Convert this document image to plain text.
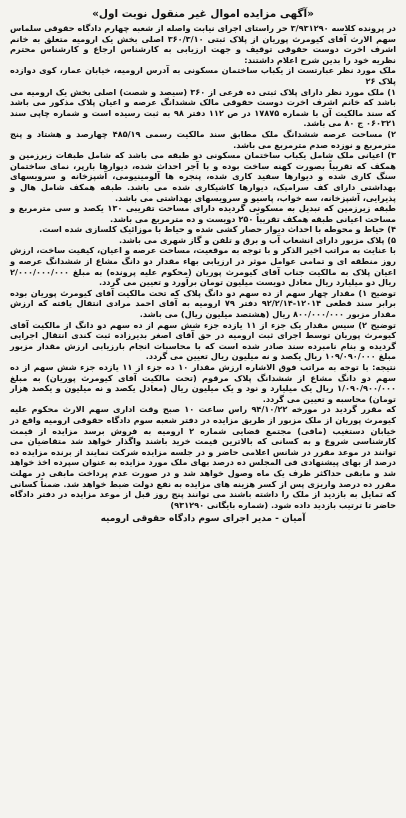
«آگهی مزایده اموال غیر منقول نوبت اول»

در پرونده کلاسه ۳/۹۳۱۲۹۰ حر راستای اجرای نیابت واصله از شعبه چهارم دادگاه حقوقی سلماس سهم الارث آقای کیومرث پوریان از پلاک ثبتی ۳۶۰/۳/۱۰ اصلی بخش یک ارومیه متعلق به خانم اشرف اخرت دوست حقوقی توقیف و جهت ارزیابی به کارشناس ارجاع و کارشناس محترم نظریه خود را بدین شرح اعلام داشتند:

ملک مورد نظر عبارتست از یکباب ساختمان مسکونی به آدرس ارومیه، خیابان عمار، کوی دوازده پلاک ۲۶

۱) ملک مورد نظر دارای پلاک ثبتی ده فرعی از ۳۶۰ (سیصد و شصت) اصلی بخش یک ارومیه می باشد که خانم اشرف اخرت دوست حقوقی مالک ششدانگ عرصه و اعیان پلاک مذکور می باشد که سند مالکیت آن با شماره ۱۷۸۷۵ در ص ۱۱۲ دفتر ۹۸ به ثبت رسیده است و شماره چاپی سند ۰۶۰۳۲۱ ج ۸۰ می باشد.

۲) مساحت عرصه ششدانگ ملک مطابق سند مالکیت رسمی ۴۸۵/۱۹ چهارصد و هشتاد و پنج مترمربع و نوزده صدم مترمربع می باشد.

۳) اعیانی ملک شامل یکباب ساختمان مسکونی دو طبقه می باشد که شامل طبقات زیرزمین و همکف که تقریباً بصورت کهنه ساخت بوده و با آجر احداث شده، دیوارها بارپر، نمای ساختمان سنگ کاری شده و دیوارها سفید کاری شده، پنجره ها آلومینیومی، آشپزخانه و سرویسهای بهداشتی دارای کف سرامیک، دیوارها کاشیکاری شده می باشد. طبقه همکف شامل هال و پذیرایی، آشپزخانه، سه خواب، پاسیو و سرویسهای بهداشتی می باشد.

طبقه زیرزمین که تبدیل به مسکونی گردیده دارای مساحت تقریبی ۱۳۰ یکصد و سی مترمربع و مساحت اعیانی طبقه همکف تقریباً ۲۵۰ دویست و ده مترمربع می باشد.

۴) حیاط و محوطه با احداث دیوار حصار کشی شده و حیاط با موزائیک کلسازی شده است.

۵) پلاک مزبور دارای انشعاب آب و برق و تلفن و گاز شهری می باشد.

با عنایت به مراتب اخیر الذکر و با توجه به موقعیت، مساحت عرصه و اعیان، کیفیت ساخت، ارزش روز منطقه ای و تمامی عوامل موثر در ارزیابی بهاء مقدار دو دانگ مشاع از ششدانگ عرصه و اعیان پلاک به مالکیت جناب آقای کیومرث پوریان (محکوم علیه پرونده) به مبلغ ۲/۰۰۰/۰۰۰/۰۰۰ ریال دو میلیارد ریال معادل دویست میلیون تومان برآورد و تعیین می گردد.

توضیح ۱) مقدار چهار سهم از ده سهم دو دانگ پلاک که تحت مالکیت آقای کیومرث پوریان بوده برابر سند قطعی ۱۲۰۱۴-۹۲/۲/۱۴ دفتر ۷۹ ارومیه به آقای احمد مرادی انتقال یافته که ارزش مقدار مزبور ۸۰۰/۰۰۰/۰۰۰ ریال (هشتصد میلیون ریال) می باشد.

توضیح ۲) سیس مقدار یک جزء از ۱۱ یازده جزء شش سهم از ده سهم دو دانگ از مالکیت آقای کیومرث پوریان توسط اجرای ثبت ارومیه در حق آقای اصغر بدیرزاده ثبت کندی انتقال اجرایی گردیده و بنام نامبرده سند صادر شده است که با محاسبات انجام بارزیابی ارزش مقدار مزبور مبلغ ۱۰۹/۰۹۰/۰۰۰ ریال یکصد و نه میلیون ریال تعیین می گردد.

نتیجه: با توجه به مراتب فوق الاشاره ارزش مقدار ۱۰ ده جزء از ۱۱ یازده جزء شش سهم از ده سهم دو دانگ مشاع از ششدانگ پلاک مرقوم (تحت مالکیت آقای کیومرث پوریان) به مبلغ ۱/۰۹۰/۹۰۰/۰۰۰ ریال یک میلیارد و نود و یک میلیون ریال (معادل یکصد و نه میلیون و یکصد هزار تومان) محاسبه و تعیین می گردد.

که مقرر گردید در مورخه ۹۴/۱۰/۲۲ راس ساعت ۱۰ صبح وقت اداری سهم الارث محکوم علیه کیومرث پوریان از ملک مزبور از طریق مزایده در دفتر شعبه سوم دادگاه حقوقی ارومیه واقع در خیابان دستغیب (مافی) مجتمع قضایی شماره ۲ ارومیه به فروش برسد مزایده از قیمت کارشناسی شروع و به کسانی که بالاترین قیمت خرید باشند واگذار خواهد شد متقاضیان می توانند در موعد مقرر در شانس اعلامی حاضر و در جلسه مزایده شرکت نمایند از برنده مزایده ده درصد از بهای پیشنهادی فی المجلس ده درصد بهای ملک مورد مزایده به عنوان سپرده اخذ خواهد شد و مابقی حداکثر ظرف یک ماه وصول خواهد شد و در صورت عدم پرداخت مابقی در مهلت مقرر ده درصد واریزی پس از کسر هزینه های مزایده به نفع دولت ضبط خواهد شد. ضمناً کسانی که تمایل به بازدید از ملک را داشته باشند می توانند پنج روز قبل از موعد مزایده در دفتر دادگاه حاضر تا ترتیب بازدید داده شود. (شماره بایگانی ۹۳۱۲۹۰)

آمیان - مدیر اجرای سوم دادگاه حقوقی ارومیه
